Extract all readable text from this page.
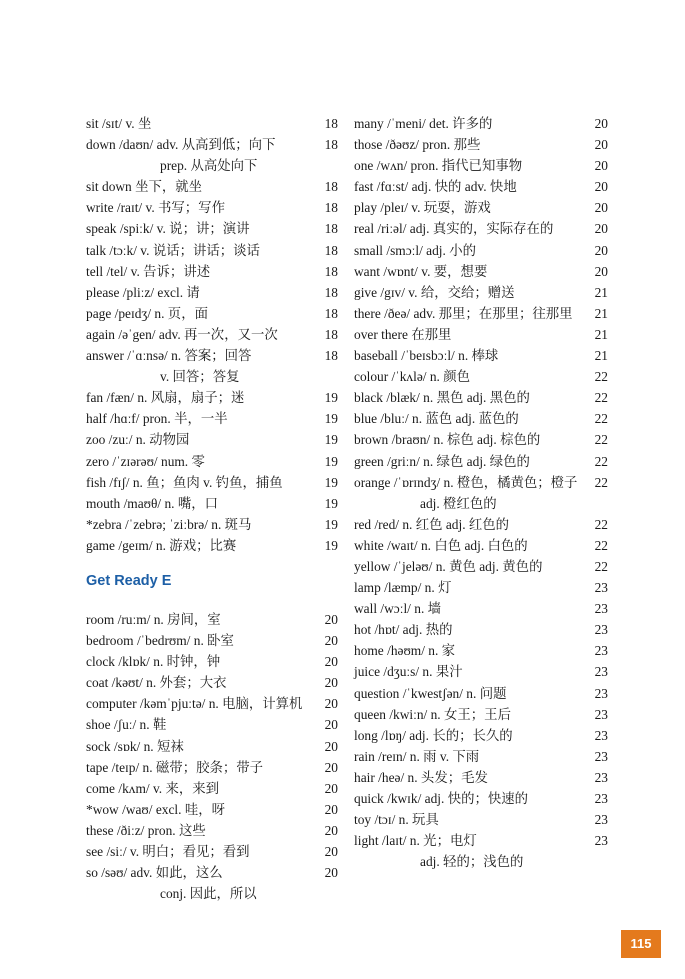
sit /sɪt/ v. 坐	18
down /daʊn/ adv. 从高到低；向下	18
prep. 从高处向下
sit down 坐下，就坐	18
write /raɪt/ v. 书写；写作	18
speak /spiːk/ v. 说；讲；演讲	18
talk /tɔːk/ v. 说话；讲话；谈话	18
tell /tel/ v. 告诉；讲述	18
please /pliːz/ excl. 请	18
page /peɪdʒ/ n. 页，面	18
again /əˈgen/ adv. 再一次，又一次	18
answer /ˈɑːnsə/ n. 答案；回答	18
v. 回答；答复
fan /fæn/ n. 风扇，扇子；迷	19
half /hɑːf/ pron. 半，一半	19
zoo /zuː/ n. 动物园	19
zero /ˈzɪərəʊ/ num. 零	19
fish /fɪʃ/ n. 鱼；鱼肉 v. 钓鱼，捕鱼	19
mouth /maʊθ/ n. 嘴，口	19
*zebra /ˈzebrə; ˈziːbrə/ n. 斑马	19
game /geɪm/ n. 游戏；比赛	19
Get Ready E
room /ruːm/ n. 房间，室	20
bedroom /ˈbedrʊm/ n. 卧室	20
clock /klɒk/ n. 时钟，钟	20
coat /kəʊt/ n. 外套；大衣	20
computer /kəmˈpjuːtə/ n. 电脑，计算机 20
shoe /ʃuː/ n. 鞋	20
sock /sɒk/ n. 短袜	20
tape /teɪp/ n. 磁带；胶条；带子	20
come /kʌm/ v. 来，来到	20
*wow /waʊ/ excl. 哇，呀	20
these /ðiːz/ pron. 这些	20
see /siː/ v. 明白；看见；看到	20
so /səʊ/ adv. 如此，这么	20
conj. 因此，所以
many /ˈmeni/ det. 许多的	20
those /ðəʊz/ pron. 那些	20
one /wʌn/ pron. 指代已知事物	20
fast /fɑːst/ adj. 快的 adv. 快地	20
play /pleɪ/ v. 玩耍，游戏	20
real /riːəl/ adj. 真实的，实际存在的	20
small /smɔːl/ adj. 小的	20
want /wɒnt/ v. 要，想要	20
give /gɪv/ v. 给，交给；赠送	21
there /ðeə/ adv. 那里；在那里；往那里 21
over there 在那里	21
baseball /ˈbeɪsbɔːl/ n. 棒球	21
colour /ˈkʌlə/ n. 颜色	22
black /blæk/ n. 黑色 adj. 黑色的	22
blue /bluː/ n. 蓝色 adj. 蓝色的	22
brown /braʊn/ n. 棕色 adj. 棕色的	22
green /griːn/ n. 绿色 adj. 绿色的	22
orange /ˈɒrɪndʒ/ n. 橙色，橘黄色；橙子 22
adj. 橙红色的
red /red/ n. 红色 adj. 红色的	22
white /waɪt/ n. 白色 adj. 白色的	22
yellow /ˈjeləʊ/ n. 黄色 adj. 黄色的	22
lamp /læmp/ n. 灯	23
wall /wɔːl/ n. 墙	23
hot /hɒt/ adj. 热的	23
home /həʊm/ n. 家	23
juice /dʒuːs/ n. 果汁	23
question /ˈkwestʃən/ n. 问题	23
queen /kwiːn/ n. 女王；王后	23
long /lɒŋ/ adj. 长的；长久的	23
rain /reɪn/ n. 雨 v. 下雨	23
hair /heə/ n. 头发；毛发	23
quick /kwɪk/ adj. 快的；快速的	23
toy /tɔɪ/ n. 玩具	23
light /laɪt/ n. 光；电灯	23
adj. 轻的；浅色的
115
